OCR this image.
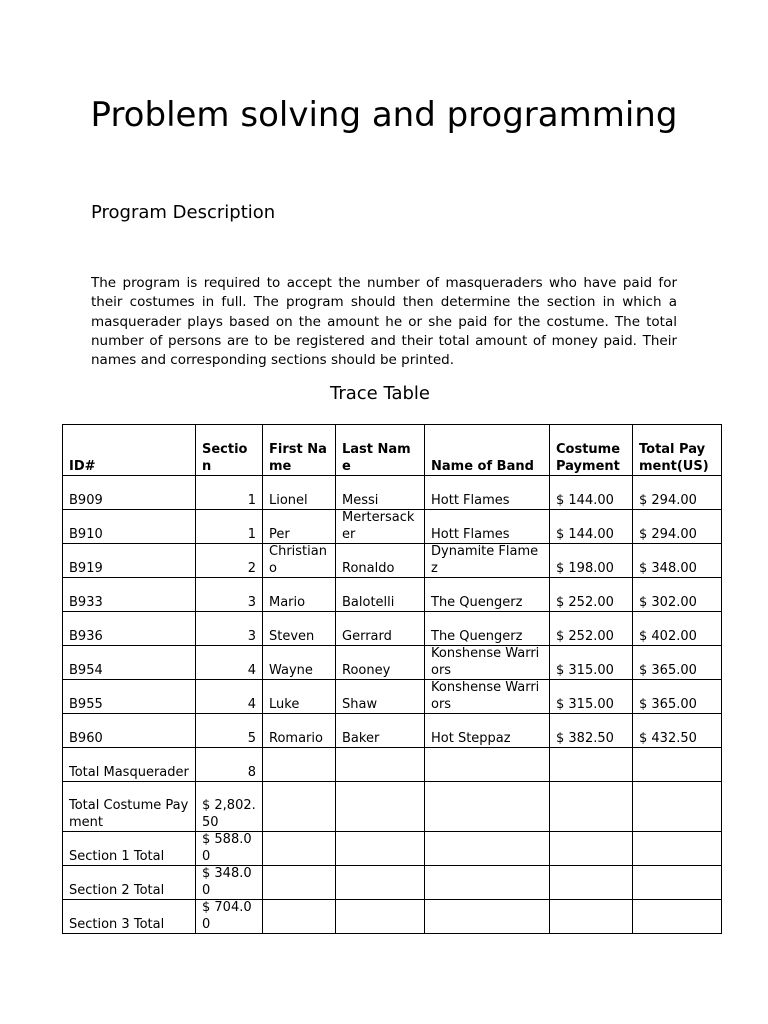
Problem solving and programming
Program Description

The program is required to accept the number of masqueraders who have paid for their costumes in full. The program should then determine the section in which a masquerader plays based on the amount he or she paid for the costume. The total number of persons are to be registered and their total amount of money paid. Their names and corresponding sections should be printed.

Trace Table
ID#	Section	First Name	Last Name	Name of Band	Costume Payment	Total Payment(US)
B909	1	Lionel	Messi	Hott Flames	$ 144.00	$ 294.00
B910	1	Per	Mertersacker	Hott Flames	$ 144.00	$ 294.00
B919	2	Christiano	Ronaldo	Dynamite Flamez	$ 198.00	$ 348.00
B933	3	Mario	Balotelli	The Quengerz	$ 252.00	$ 302.00
B936	3	Steven	Gerrard	The Quengerz	$ 252.00	$ 402.00
B954	4	Wayne	Rooney	Konshense Warriors	$ 315.00	$ 365.00
B955	4	Luke	Shaw	Konshense Warriors	$ 315.00	$ 365.00
B960	5	Romario	Baker	Hot Steppaz	$ 382.50	$ 432.50
Total Masquerader	8					
Total Costume Payment	$ 2,802.50					
Section 1 Total	$ 588.00					
Section 2 Total	$ 348.00					
Section 3 Total	$ 704.00					
